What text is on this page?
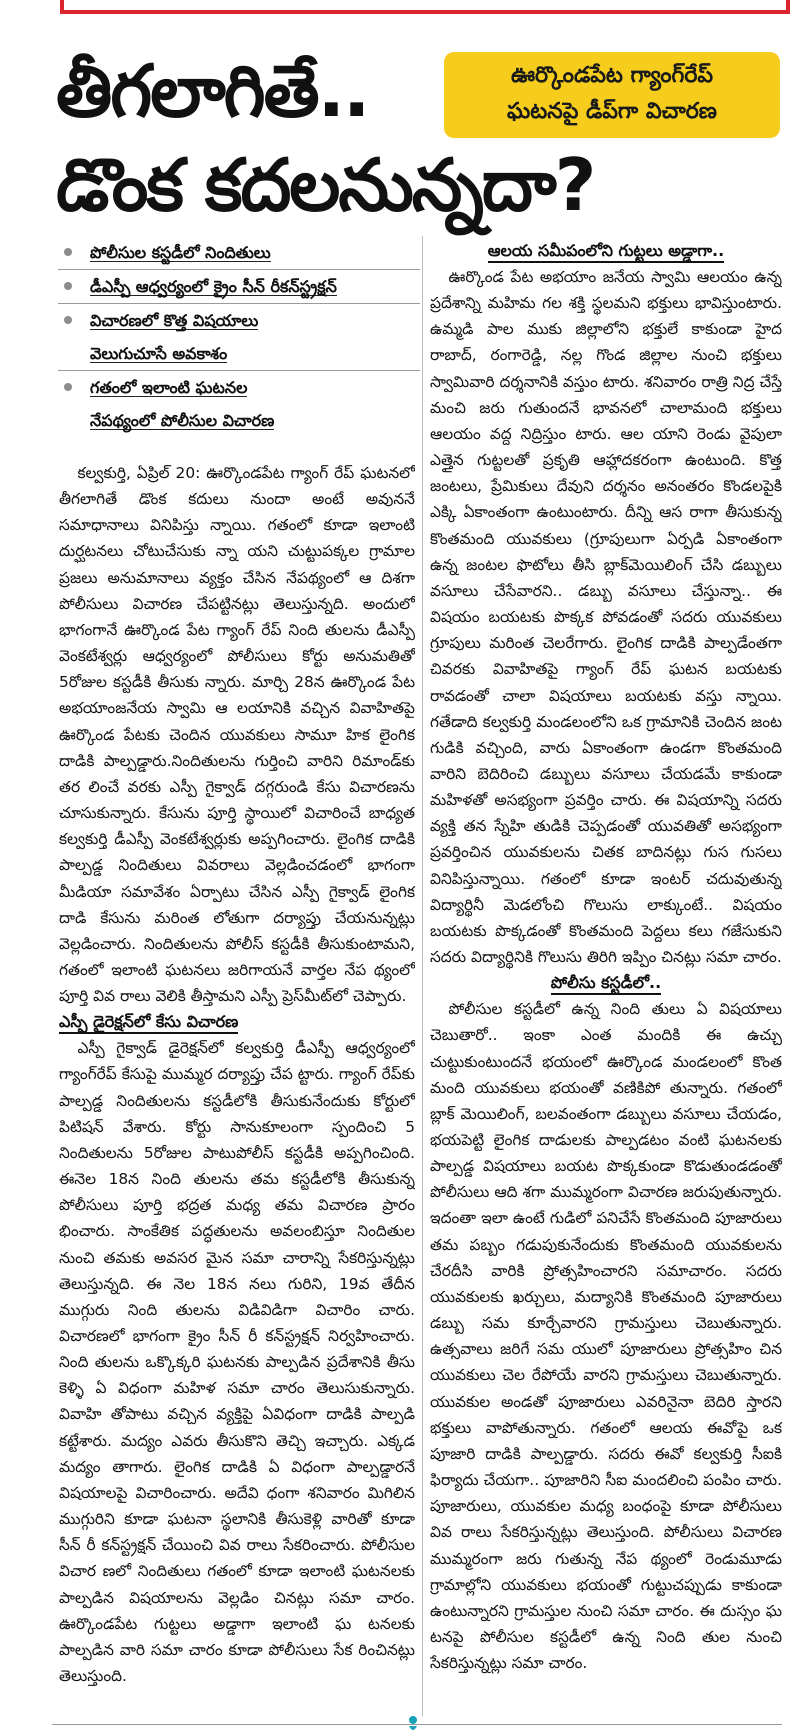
తీగలాగితే..
డొంక కదలనున్నదా?
ఊర్కొండపేట గ్యాంగ్‌రేప్
ఘటనపై డీప్‌గా విచారణ
పోలీసుల కస్టడీలో నిందితులు
డీఎస్పీ ఆధ్వర్యంలో క్రైం సీన్ రీకన్‌స్ట్రక్షన్
విచారణలో కొత్త విషయాలు
వెలుగుచూసే అవకాశం
గతంలో ఇలాంటి ఘటనల
నేపథ్యంలో పోలీసుల విచారణ

కల్వకుర్తి, ఏప్రిల్ 20: ఊర్కొండపేట గ్యాంగ్ రేప్ ఘటనలో తీగలాగితే డొంక కదులు నుందా అంటే అవుననే సమాధానాలు వినిపిస్తు న్నాయి. గతంలో కూడా ఇలాంటి దుర్ఘటనలు చోటుచేసుకు న్నా యని చుట్టుపక్కల గ్రామాల ప్రజలు అనుమానాలు వ్యక్తం చేసిన నేపథ్యంలో ఆ దిశగా పోలీసులు విచారణ చేపట్టినట్లు తెలుస్తున్నది. అందులో భాగంగానే ఊర్కొండ పేట గ్యాంగ్ రేప్ నింది తులను డీఎస్పీ వెంకటేశ్వర్లు ఆధ్వర్యంలో పోలీసులు కోర్టు అనుమతితో 5రోజుల కస్టడీకి తీసుకు న్నారు. మార్చి 28న ఊర్కొండ పేట అభయాంజనేయ స్వామి ఆ లయానికి వచ్చిన వివాహితపై ఊర్కొండ పేటకు చెందిన యువకులు సామూ హిక లైంగిక దాడికి పాల్పడ్డారు.నిందితులను గుర్తించి వారిని రిమాండ్‌కు తర లించే వరకు ఎస్పీ గైక్వాడ్ దగ్గరుండి కేసు విచారణను చూసుకున్నారు. కేసును పూర్తి స్థాయిలో విచారించే బాధ్యత కల్వకుర్తి డీఎస్పీ వెంకటేశ్వర్లుకు అప్పగించారు. లైంగిక దాడికి పాల్పడ్డ నిందితులు వివరాలు వెల్లడించడంలో భాగంగా మీడియా సమావేశం ఏర్పాటు చేసిన ఎస్పీ గైక్వాడ్ లైంగిక దాడి కేసును మరింత లోతుగా దర్యాప్తు చేయనున్నట్లు వెల్లడించారు. నిందితులను పోలీస్ కస్టడీకి తీసుకుంటామని, గతంలో ఇలాంటి ఘటనలు జరిగాయనే వార్తల నేప థ్యంలో పూర్తి వివ రాలు వెలికి తీస్తామని ఎస్పీ ప్రెస్‌మీట్‌లో చెప్పారు.

ఎస్పీ డైరెక్షన్‌లో కేసు విచారణ

ఎస్పీ గైక్వాడ్ డైరెక్షన్‌లో కల్వకుర్తి డీఎస్పీ ఆధ్వర్యంలో గ్యాంగ్‌రేప్ కేసుపై ముమ్మర దర్యాప్తు చేప ట్టారు. గ్యాంగ్ రేప్‌కు పాల్పడ్డ నిందితులను కస్టడీలోకి తీసుకునేందుకు కోర్టులో పిటిషన్ వేశారు. కోర్టు సానుకూలంగా స్పందించి 5 నిందితులను 5రోజుల పాటుపోలీస్ కస్టడీకి అప్పగించింది. ఈనెల 18న నింది తులను తమ కస్టడీలోకి తీసుకున్న పోలీసులు పూర్తి భద్రత మధ్య తమ విచారణ ప్రారం భించారు. సాంకేతిక పద్ధతులను అవలంబిస్తూ నిందితుల నుంచి తమకు అవసర మైన సమా చారాన్ని సేకరిస్తున్నట్లు తెలుస్తున్నది. ఈ నెల 18న నలు గురిని, 19వ తేదీన ముగ్గురు నింది తులను విడివిడిగా విచారిం చారు. విచారణలో భాగంగా క్రైం సీన్ రీ కన్‌స్ట్రక్షన్ నిర్వహించారు. నింది తులను ఒక్కొక్కరి ఘటనకు పాల్పడిన ప్రదేశానికి తీసు కెళ్ళి ఏ విధంగా మహిళ సమా చారం తెలుసుకున్నారు. వివాహి తోపాటు వచ్చిన వ్యక్తిపై ఏవిధంగా దాడికి పాల్పడి కట్టేశారు. మద్యం ఎవరు తీసుకొని తెచ్చి ఇచ్చారు. ఎక్కడ మద్యం తాగారు. లైంగిక దాడికి ఏ విధంగా పాల్పడ్డారనే విషయాలపై విచారించారు. అదేవి ధంగా శనివారం మిగిలిన ముగ్గురిని కూడా ఘటనా స్థలానికి తీసుకెళ్లి వారితో కూడా సీన్ రీ కన్‌స్ట్రక్షన్ చేయించి వివ రాలు సేకరించారు. పోలీసుల విచార ణలో నిందితులు గతంలో కూడా ఇలాంటి ఘటనలకు పాల్పడిన విషయాలను వెల్లడిం చినట్లు సమా చారం. ఊర్కొండపేట గుట్టలు అడ్డాగా ఇలాంటి ఘ టనలకు పాల్పడిన వారి సమా చారం కూడా పోలీసులు సేక రించినట్లు తెలుస్తుంది.

ఆలయ సమీపంలోని గుట్టలు అడ్డాగా..

ఊర్కొండ పేట అభయాం జనేయ స్వామి ఆలయం ఉన్న ప్రదేశాన్ని మహిమ గల శక్తి స్థలమని భక్తులు భావిస్తుంటారు. ఉమ్మడి పాల ముకు జిల్లాలోని భక్తులే కాకుండా హైద రాబాద్, రంగారెడ్డి, నల్ల గొండ జిల్లాల నుంచి భక్తులు స్వామివారి దర్శనానికి వస్తుం టారు. శనివారం రాత్రి నిద్ర చేస్తే మంచి జరు గుతుందనే భావనలో చాలామంది భక్తులు ఆలయం వద్ద నిద్రిస్తుం టారు. ఆల యాని రెండు వైపులా ఎత్తైన గుట్టలతో ప్రకృతి ఆహ్లాదకరంగా ఉంటుంది. కొత్త జంటలు, ప్రేమికులు దేవుని దర్శనం అనంతరం కొండలపైకి ఎక్కి ఏకాంతంగా ఉంటుంటారు. దీన్ని ఆస రాగా తీసుకున్న కొంతమంది యువకులు (గ్రూపులుగా ఏర్పడి ఏకాంతంగా ఉన్న జంటల ఫొటోలు తీసి బ్లాక్‌మెయిలింగ్ చేసి డబ్బులు వసూలు చేసేవారని.. డబ్బు వసూలు చేస్తున్నా.. ఈ విషయం బయటకు పొక్కక పోవడంతో సదరు యువకులు గ్రూపులు మరింత చెలరేగారు. లైంగిక దాడికి పాల్పడేంతగా చివరకు వివాహితపై గ్యాంగ్ రేప్ ఘటన బయటకు రావడంతో చాలా విషయాలు బయటకు వస్తు న్నాయి. గతేడాది కల్వకుర్తి మండలంలోని ఒక గ్రామానికి చెందిన జంట గుడికి వచ్చింది, వారు ఏకాంతంగా ఉండగా కొంతమంది వారిని బెదిరించి డబ్బులు వసూలు చేయడమే కాకుండా మహిళతో అసభ్యంగా ప్రవర్తిం చారు. ఈ విషయాన్ని సదరు వ్యక్తి తన స్నేహి తుడికి చెప్పడంతో యువతితో అసభ్యంగా ప్రవర్తించిన యువకులను చితక బాదినట్లు గుస గుసలు వినిపిస్తున్నాయి. గతంలో కూడా ఇంటర్ చదువుతున్న విద్యార్థినీ మెడలోంచి గొలుసు లాక్కుంటే.. విషయం బయటకు పొక్కడంతో కొంతమంది పెద్దలు కలు గజేసుకుని సదరు విద్యార్థినికి గొలుసు తిరిగి ఇప్పిం చినట్లు సమా చారం.

పోలీసు కస్టడీలో..

పోలీసుల కస్టడీలో ఉన్న నింది తులు ఏ విషయాలు చెబుతారో.. ఇంకా ఎంత మందికి ఈ ఉచ్చు చుట్టుకుంటుందనే భయంలో ఊర్కొండ మండలంలో కొంత మంది యువకులు భయంతో వణికిపో తున్నారు. గతంలో బ్లాక్ మెయిలింగ్, బలవంతంగా డబ్బులు వసూలు చేయడం, భయపెట్టి లైంగిక దాడులకు పాల్పడటం వంటి ఘటనలకు పాల్పడ్డ విషయాలు బయట పొక్కకుండా కొడుతుండడంతో పోలీసులు ఆది శగా ముమ్మరంగా విచారణ జరుపుతున్నారు. ఇదంతా ఇలా ఉంటే గుడిలో పనిచేసే కొంతమంది పూజారులు తమ పబ్బం గడుపుకునేందుకు కొంతమంది యువకులను చేరదీసి వారికి ప్రోత్సహించారని సమాచారం. సదరు యువకులకు ఖర్చులు, మద్యానికి కొంతమంది పూజారులు డబ్బు సమ కూర్చేవారని గ్రామస్తులు చెబుతున్నారు. ఉత్సవాలు జరిగే సమ యులో పూజారులు ప్రోత్సహిం చిన యువకులు చెల రేపోయే వారని గ్రామస్తులు చెబుతున్నారు. యువకుల అండతో పూజారులు ఎవరినైనా బెదిరి స్తారని భక్తులు వాపోతున్నారు. గతంలో ఆలయ ఈవోపై ఒక పూజారి దాడికి పాల్పడ్డారు. సదరు ఈవో కల్వకుర్తి సీఐకి ఫిర్యాదు చేయగా.. పూజారిని సీఐ మందలించి పంపిం చారు. పూజారులు, యువకుల మధ్య బంధంపై కూడా పోలీసులు వివ రాలు సేకరిస్తున్నట్లు తెలుస్తుంది. పోలీసులు విచారణ ముమ్మరంగా జరు గుతున్న నేప థ్యంలో రెండుమూడు గ్రామాల్లోని యువకులు భయంతో గుట్టుచప్పుడు కాకుండా ఉంటున్నారని గ్రామస్తుల నుంచి సమా చారం. ఈ దుస్సం ఘ టనపై పోలీసుల కస్టడీలో ఉన్న నింది తుల నుంచి సేకరిస్తున్నట్లు సమా చారం.
